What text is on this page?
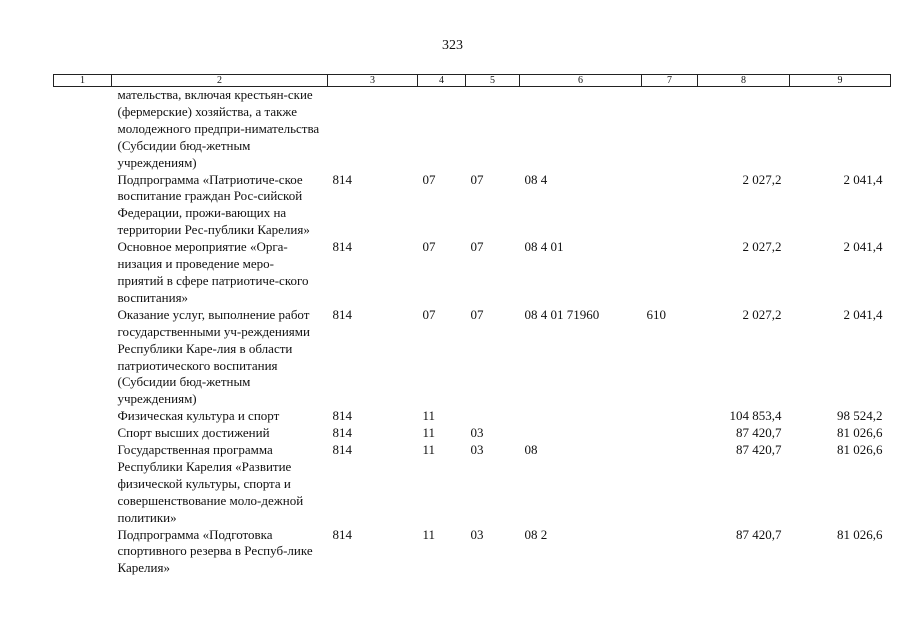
323
1	2	3	4	5	6	7	8	9
	мательства, включая крестьян-ские (фермерские) хозяйства, а также молодежного предпри-нимательства (Субсидии бюд-жетным учреждениям)							
	Подпрограмма «Патриотиче-ское воспитание граждан Рос-сийской Федерации, прожи-вающих на территории Рес-публики Карелия»	814	07	07	08 4		2 027,2	2 041,4
	Основное мероприятие «Орга-низация и проведение меро-приятий в сфере патриотиче-ского воспитания»	814	07	07	08 4 01		2 027,2	2 041,4
	Оказание услуг, выполнение работ государственными уч-реждениями Республики Каре-лия в области патриотического воспитания (Субсидии бюд-жетным учреждениям)	814	07	07	08 4 01 71960	610	2 027,2	2 041,4
	Физическая культура и спорт	814	11				104 853,4	98 524,2
	Спорт высших достижений	814	11	03			87 420,7	81 026,6
	Государственная программа Республики Карелия «Развитие физической культуры, спорта и совершенствование моло-дежной политики»	814	11	03	08		87 420,7	81 026,6
	Подпрограмма «Подготовка спортивного резерва в Респуб-лике Карелия»	814	11	03	08 2		87 420,7	81 026,6
